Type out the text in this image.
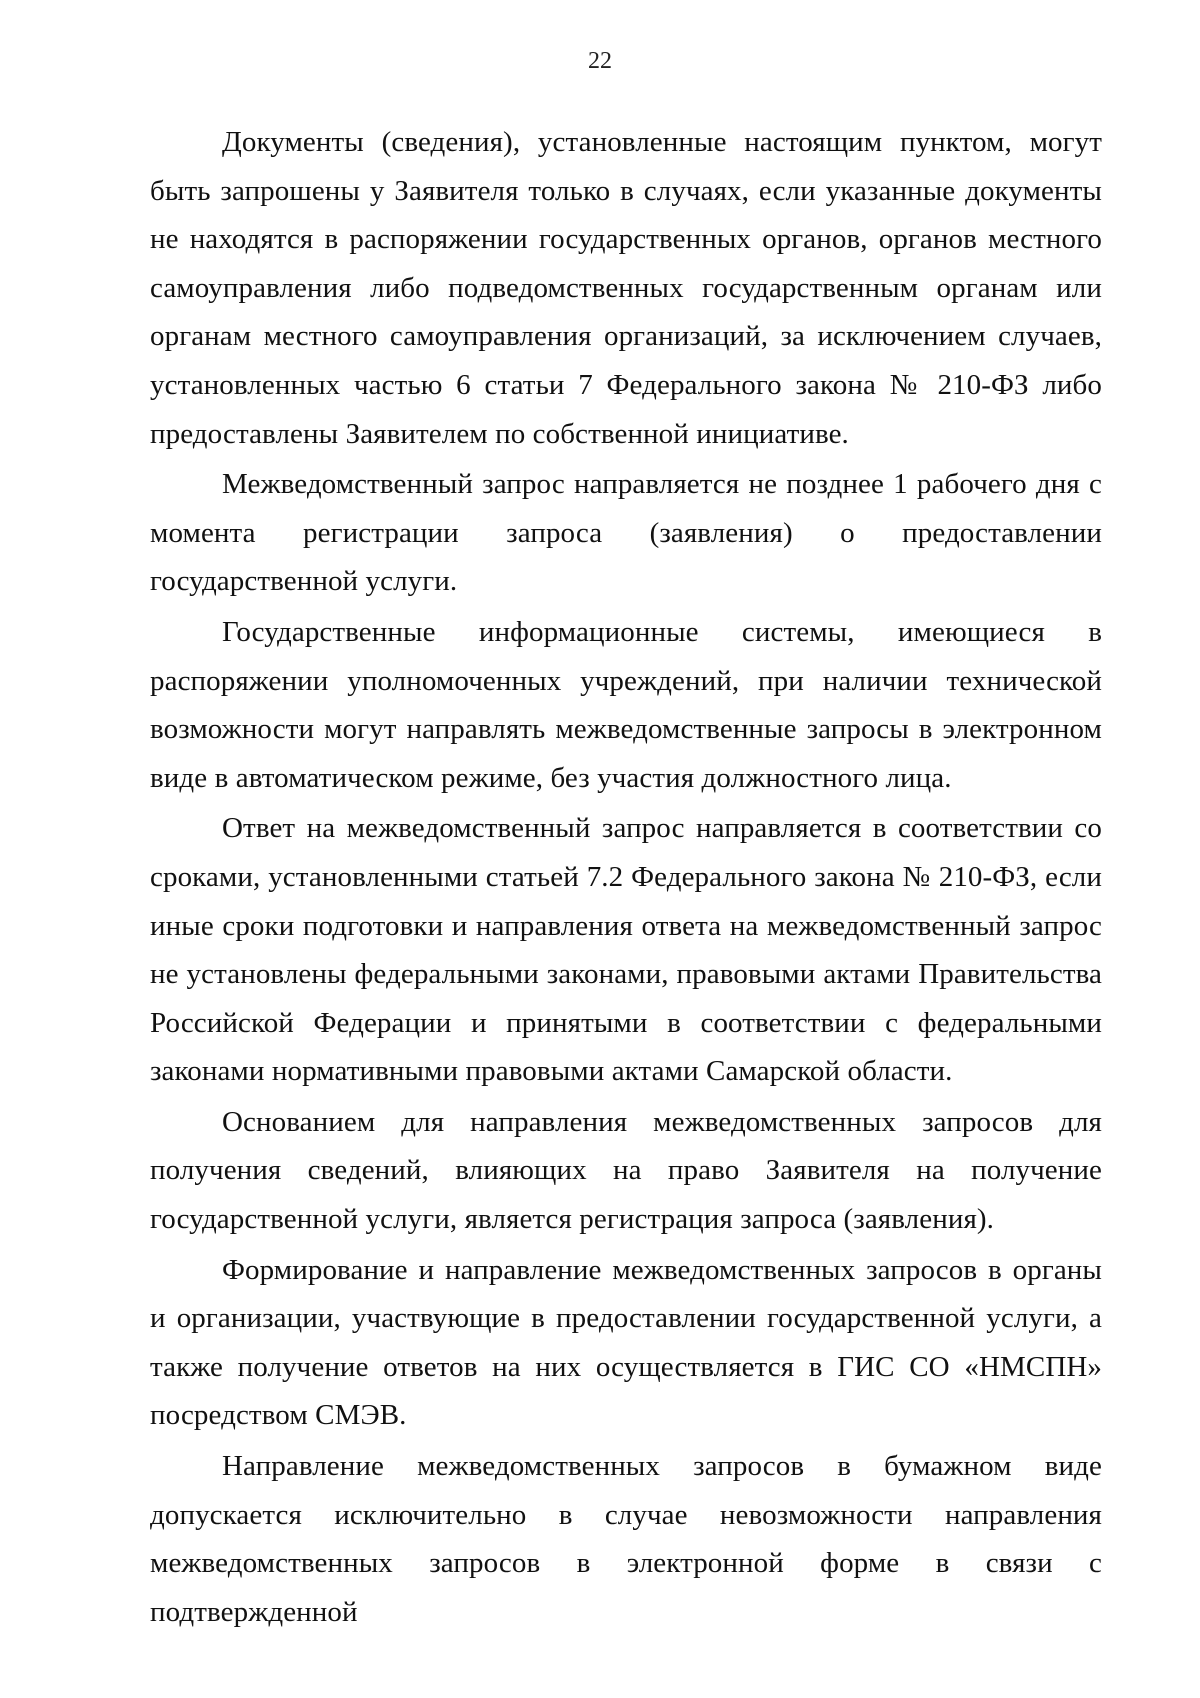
22

Документы (сведения), установленные настоящим пунктом, могут быть запрошены у Заявителя только в случаях, если указанные документы не находятся в распоряжении государственных органов, органов местного самоуправления либо подведомственных государственным органам или органам местного самоуправления организаций, за исключением случаев, установленных частью 6 статьи 7 Федерального закона № 210-ФЗ либо предоставлены Заявителем по собственной инициативе.

Межведомственный запрос направляется не позднее 1 рабочего дня с момента регистрации запроса (заявления) о предоставлении государственной услуги.

Государственные информационные системы, имеющиеся в распоряжении уполномоченных учреждений, при наличии технической возможности могут направлять межведомственные запросы в электронном виде в автоматическом режиме, без участия должностного лица.

Ответ на межведомственный запрос направляется в соответствии со сроками, установленными статьей 7.2 Федерального закона № 210-ФЗ, если иные сроки подготовки и направления ответа на межведомственный запрос не установлены федеральными законами, правовыми актами Правительства Российской Федерации и принятыми в соответствии с федеральными законами нормативными правовыми актами Самарской области.

Основанием для направления межведомственных запросов для получения сведений, влияющих на право Заявителя на получение государственной услуги, является регистрация запроса (заявления).

Формирование и направление межведомственных запросов в органы и организации, участвующие в предоставлении государственной услуги, а также получение ответов на них осуществляется в ГИС СО «НМСПН» посредством СМЭВ.

Направление межведомственных запросов в бумажном виде допускается исключительно в случае невозможности направления межведомственных запросов в электронной форме в связи с подтвержденной
